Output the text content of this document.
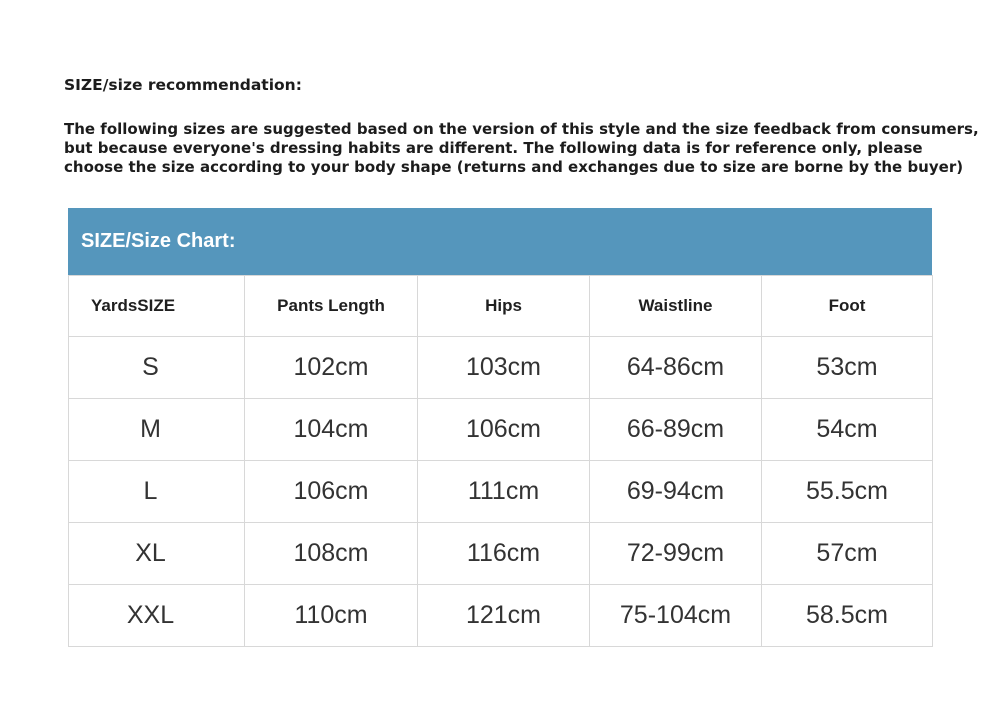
SIZE/size recommendation:
The following sizes are suggested based on the version of this style and the size feedback from consumers,
but because everyone's dressing habits are different. The following data is for reference only, please
choose the size according to your body shape (returns and exchanges due to size are borne by the buyer)
SIZE/Size Chart:
YardsSIZE	Pants Length	Hips	Waistline	Foot
S	102cm	103cm	64-86cm	53cm
M	104cm	106cm	66-89cm	54cm
L	106cm	111cm	69-94cm	55.5cm
XL	108cm	116cm	72-99cm	57cm
XXL	110cm	121cm	75-104cm	58.5cm
